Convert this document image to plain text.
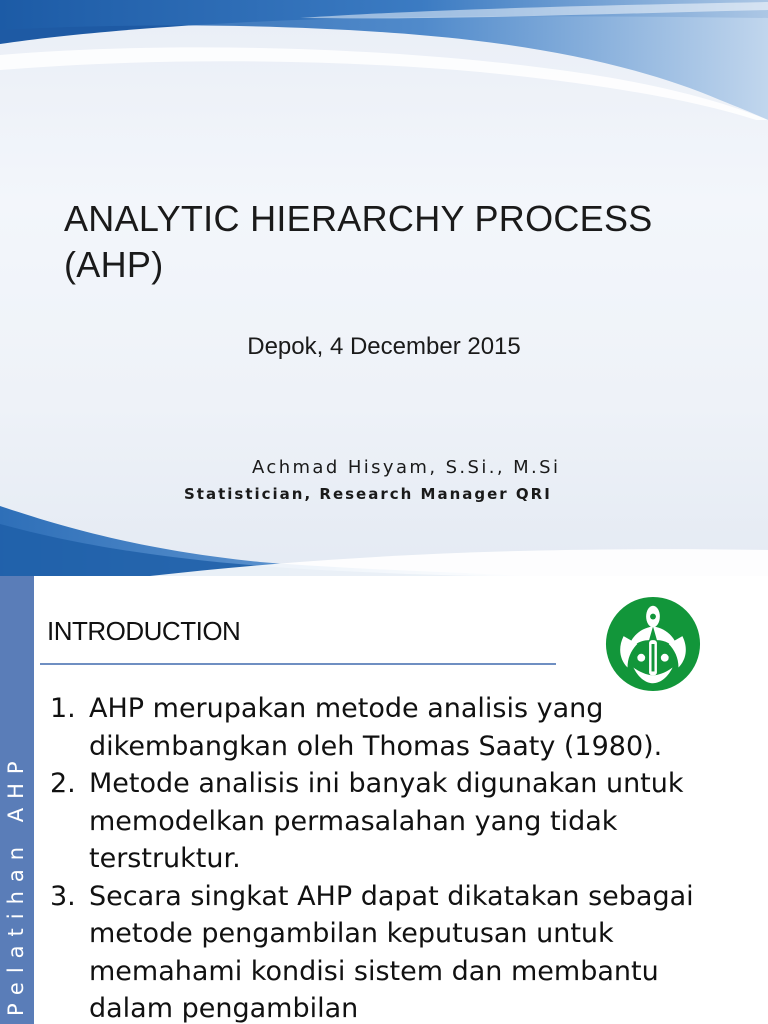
ANALYTIC HIERARCHY PROCESS (AHP)
Depok, 4 December 2015
Achmad Hisyam, S.Si., M.Si
Statistician, Research Manager QRI
Pelatihan AHP
INTRODUCTION
1. AHP merupakan metode analisis yang dikembangkan oleh Thomas Saaty (1980).
2. Metode analisis ini banyak digunakan untuk memodelkan permasalahan yang tidak terstruktur.
3. Secara singkat AHP dapat dikatakan sebagai metode pengambilan keputusan untuk memahami kondisi sistem dan membantu dalam pengambilan
